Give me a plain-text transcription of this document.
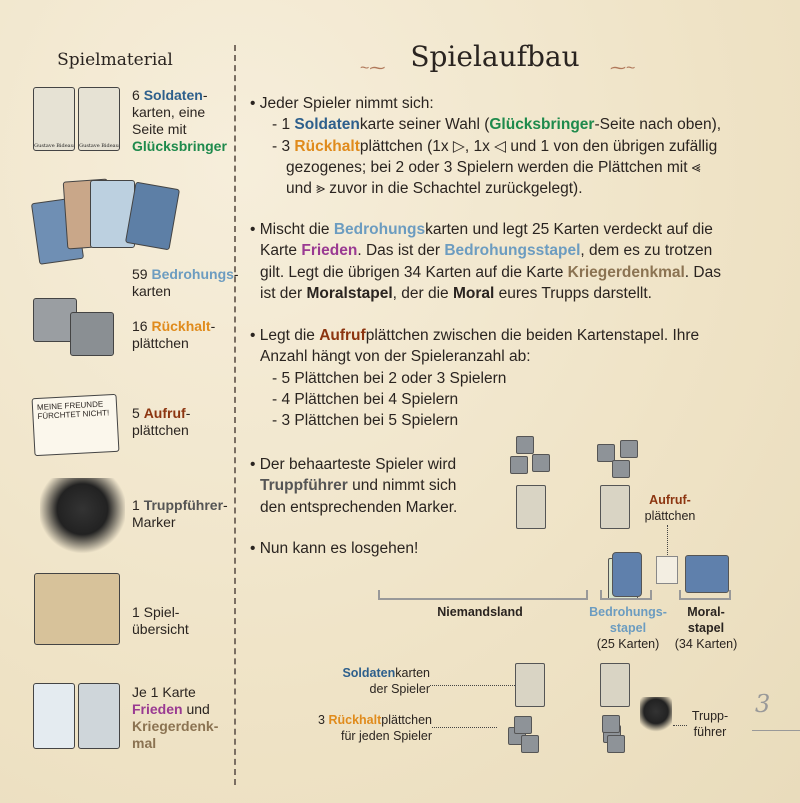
Spielmaterial
Gustave Bideau Gustave Bideau
MEINE FREUNDE FÜRCHTET NICHT!
6 Soldaten-
karten, eine
Seite mit
Glücksbringer
59 Bedrohungs-
karten
16 Rückhalt-
plättchen
5 Aufruf-
plättchen
1 Truppführer-
Marker
1 Spiel-
übersicht
Je 1 Karte
Frieden und
Kriegerdenk-
mal
~⁓ Spielaufbau	⁓~
• Jeder Spieler nimmt sich:
- 1 Soldatenkarte seiner Wahl (Glücksbringer-Seite nach oben),
- 3 Rückhaltplättchen (1x ▷, 1x ◁ und 1 von den übrigen zufällig
gezogenes; bei 2 oder 3 Spielern werden die Plättchen mit ⪡
und ⪢ zuvor in die Schachtel zurückgelegt).
• Mischt die Bedrohungskarten und legt 25 Karten verdeckt auf die
Karte Frieden. Das ist der Bedrohungsstapel, dem es zu trotzen
gilt. Legt die übrigen 34 Karten auf die Karte Kriegerdenkmal. Das
ist der Moralstapel, der die Moral eures Trupps darstellt.
• Legt die Aufrufplättchen zwischen die beiden Kartenstapel. Ihre
Anzahl hängt von der Spieleranzahl ab:
- 5 Plättchen bei 2 oder 3 Spielern
- 4 Plättchen bei 4 Spielern
- 3 Plättchen bei 5 Spielern
• Der behaarteste Spieler wird
Truppführer und nimmt sich
den entsprechenden Marker.
• Nun kann es losgehen!
Aufruf-
plättchen
Niemandsland	Bedrohungs-
stapel
(25 Karten)
Moral-
stapel
(34 Karten)
Soldatenkarten
der Spieler
3 Rückhaltplättchen
für jeden Spieler
Trupp-
führer
3
